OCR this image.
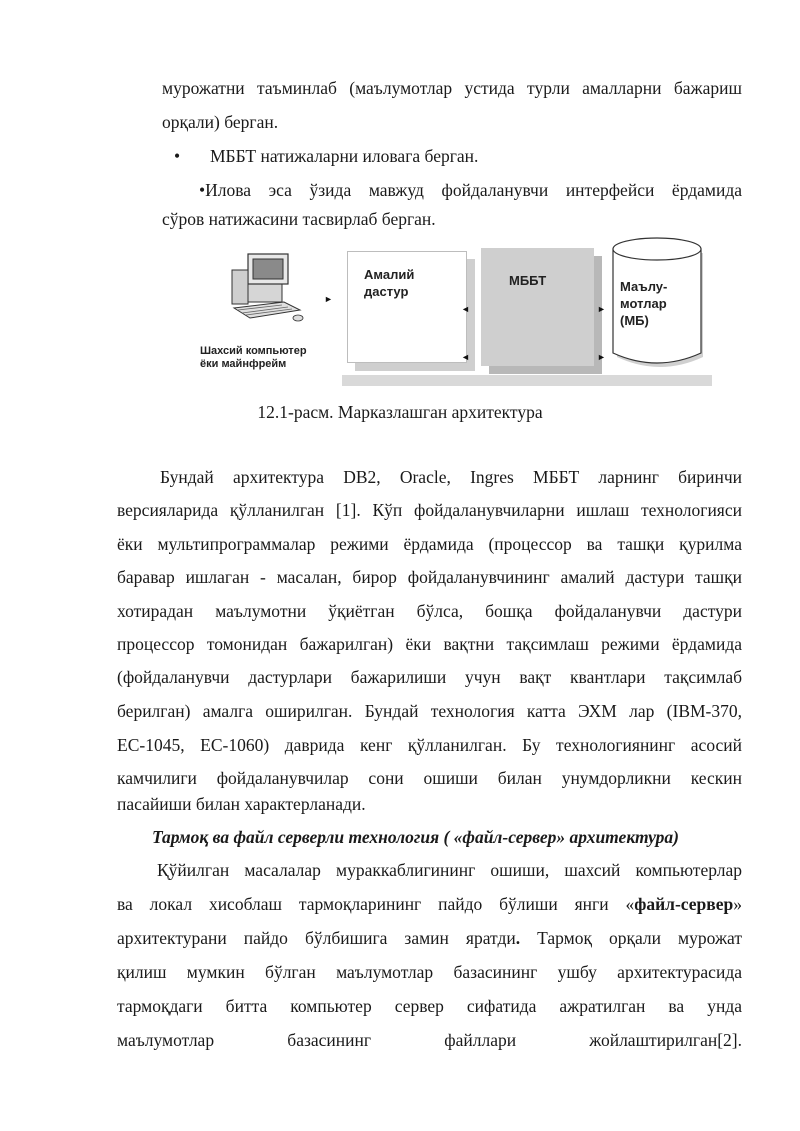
мурожатни таъминлаб (маълумотлар устида турли амалларни бажариш
орқали) берган.
• МББТ натижаларни иловага берган.
•Илова эса ўзида мавжуд фойдаланувчи интерфейси ёрдамида
сўров натижасини тасвирлаб берган.
Шахсий компьютер
ёки майнфрейм
►
Амалий
дастур
◄
◄
МББТ
►
►
Маълу-
мотлар
(МБ)
12.1-расм. Марказлашган архитектура
Бундай архитектура DB2, Oracle, Ingres МББТ ларнинг биринчи
версияларида қўлланилган [1]. Кўп фойдаланувчиларни ишлаш технологияси
ёки мультипрограммалар режими ёрдамида (процессор ва ташқи қурилма
баравар ишлаган - масалан, бирор фойдаланувчининг амалий дастури ташқи
хотирадан маълумотни ўқиётган бўлса, бошқа фойдаланувчи дастури
процессор томонидан бажарилган) ёки вақтни тақсимлаш режими ёрдамида
(фойдаланувчи дастурлари бажарилиши учун вақт квантлари тақсимлаб
берилган) амалга оширилган. Бундай технология катта ЭХМ лар (IBM-370,
ЕС-1045, ЕС-1060) даврида кенг қўлланилган. Бу технологиянинг асосий
камчилиги фойдаланувчилар сони ошиши билан унумдорликни кескин
пасайиши билан характерланади.
Тармоқ ва файл серверли технология ( «файл-сервер» архитектура)
Қўйилган масалалар мураккаблигининг ошиши, шахсий компьютерлар
ва локал хисоблаш тармоқларининг пайдо бўлиши янги «файл-сервер»
архитектурани пайдо бўлбишига замин яратди. Тармоқ орқали мурожат
қилиш мумкин бўлган маълумотлар базасининг ушбу архитектурасида
тармоқдаги битта компьютер сервер сифатида ажратилган ва унда
маълумотлар базасининг файллари жойлаштирилган[2].
